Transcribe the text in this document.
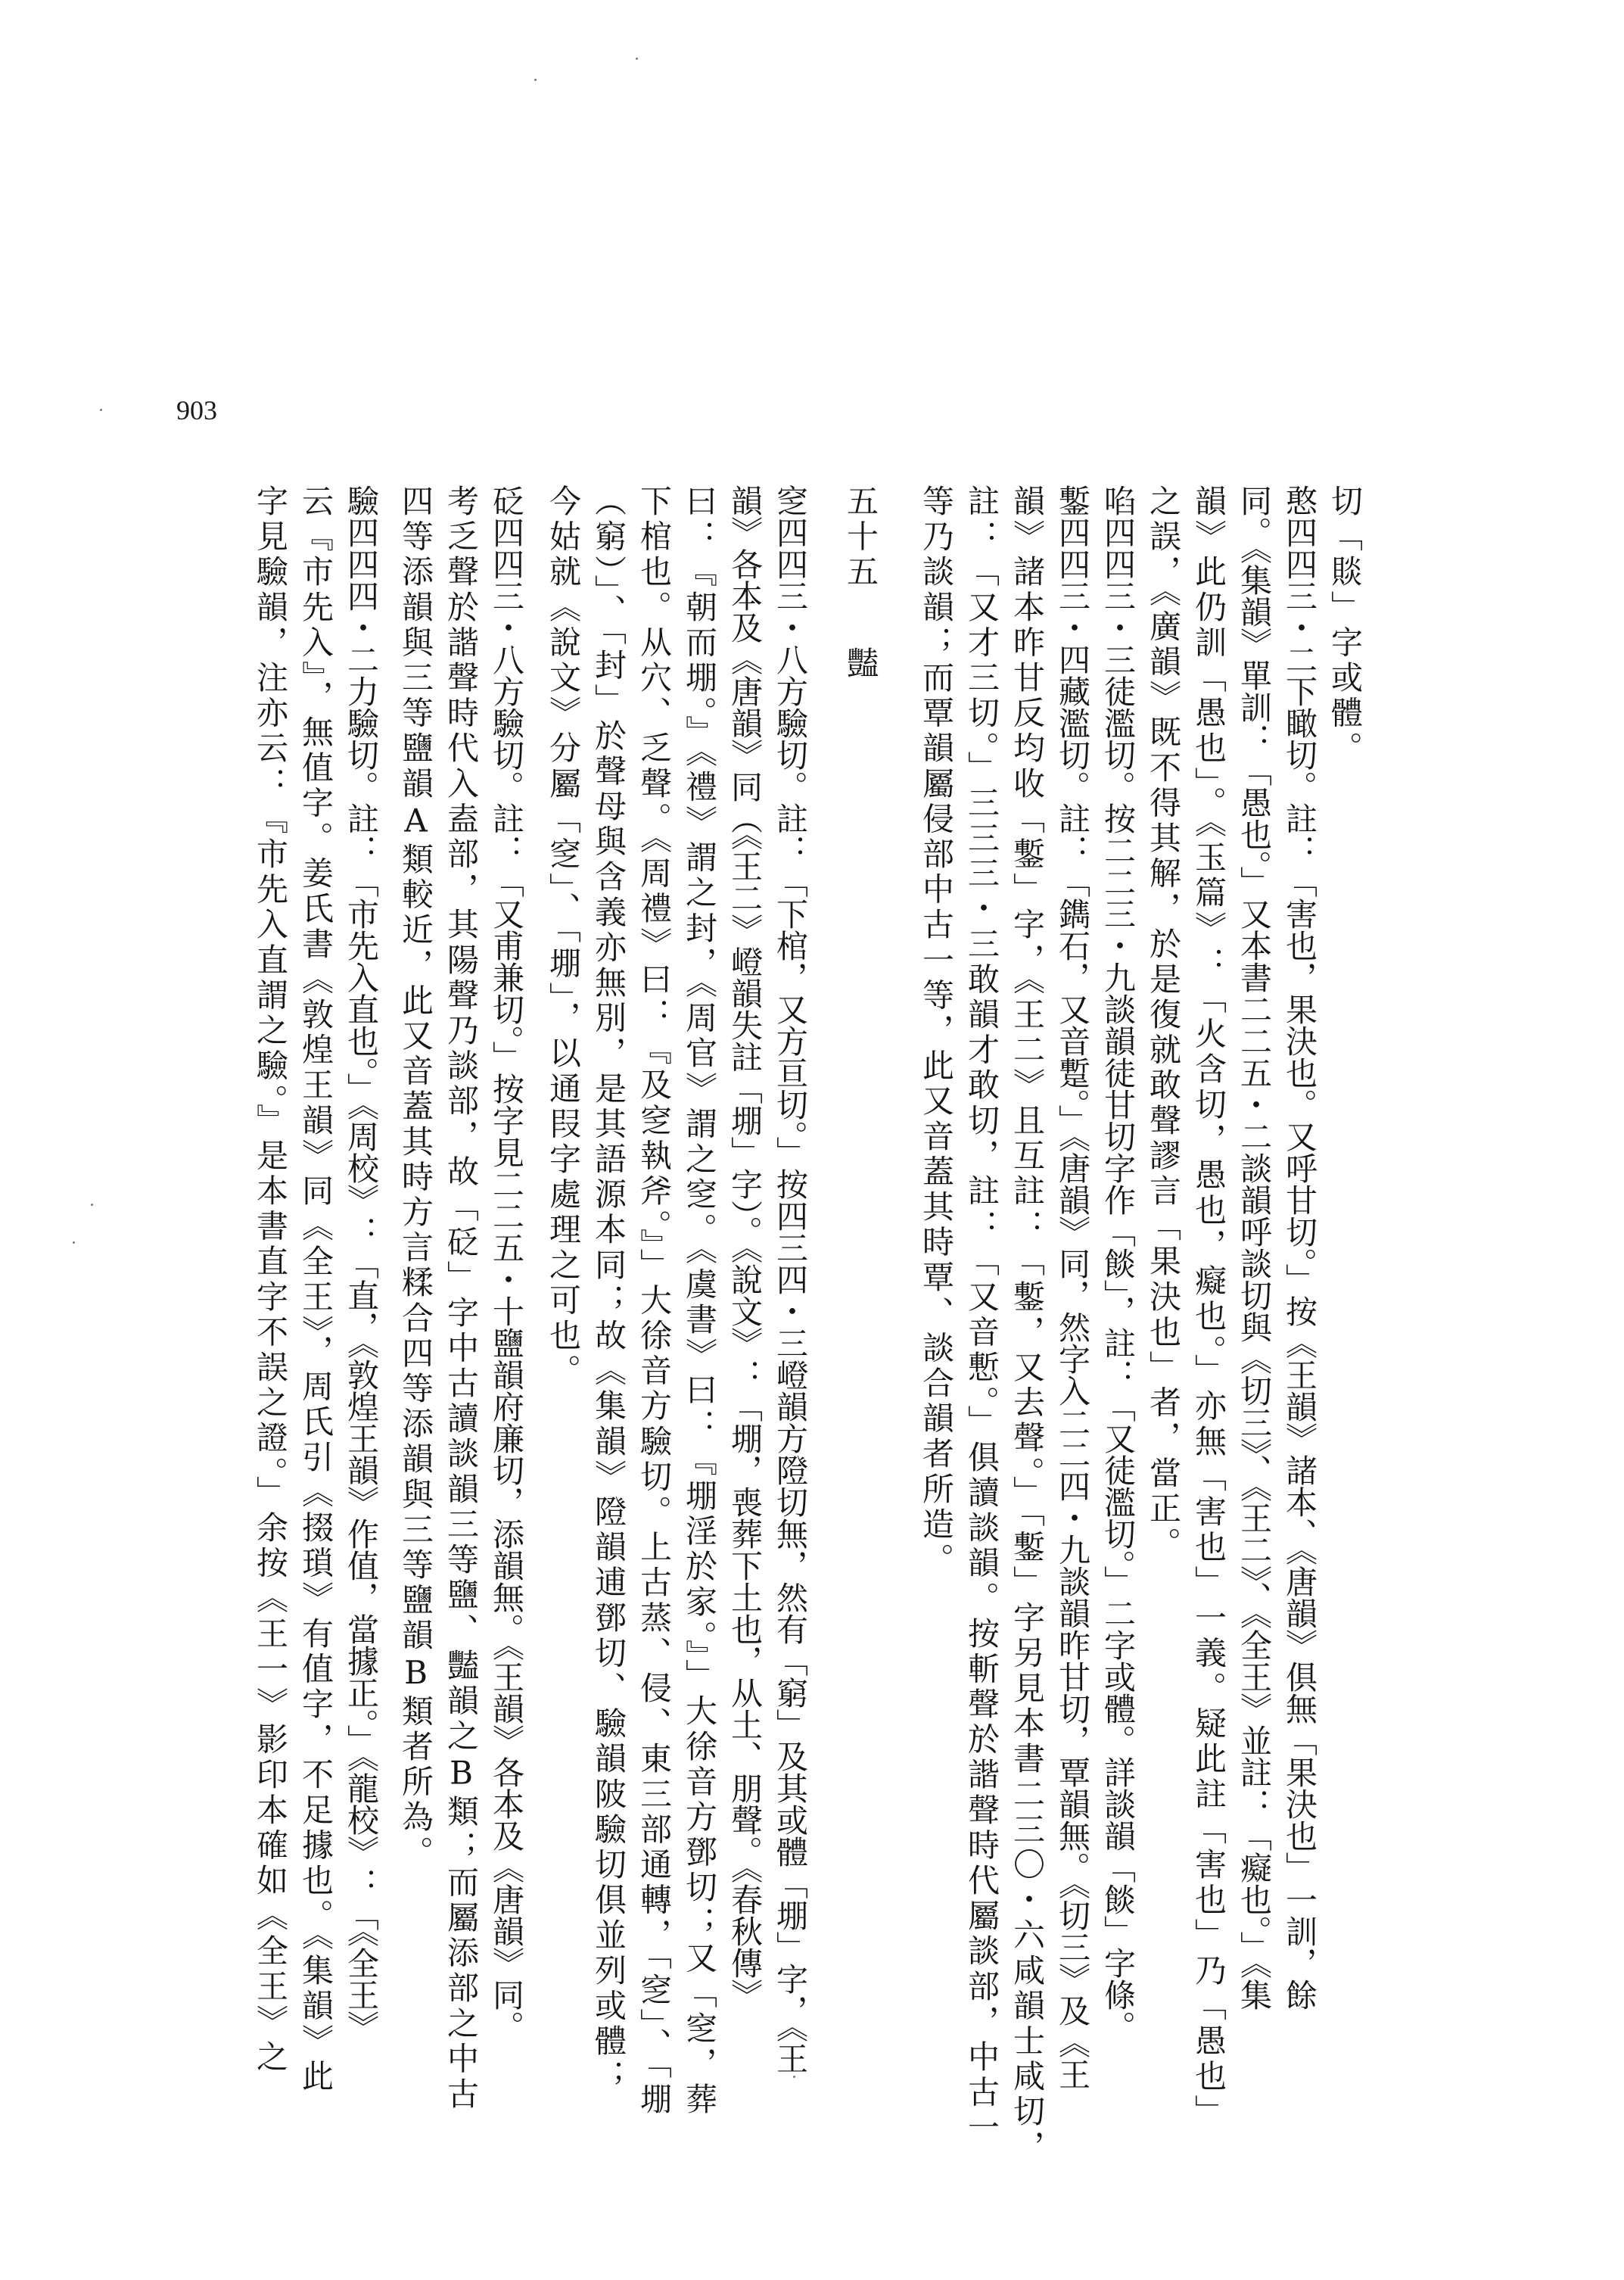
903
切「賧」字或體。
憨四四三・二下瞰切。註：「害也，果決也。又呼甘切。」按《王韻》諸本、《唐韻》俱無「果決也」一訓，餘
同。《集韻》單訓：「愚也。」又本書二二五・二談韻呼談切與《切三》、《王二》、《全王》並註：「癡也。」《集
韻》此仍訓「愚也」。《玉篇》：「火含切，愚也，癡也。」亦無「害也」一義。疑此註「害也」乃「愚也」
之誤，《廣韻》既不得其解，於是復就敢聲謬言「果決也」者，當正。
啗四四三・三徒濫切。按二二三・九談韻徒甘切字作「餤」，註：「又徒濫切。」二字或體。詳談韻「餤」字條。
鏨四四三・四藏濫切。註：「鐫石，又音蹔。」《唐韻》同，然字入二二四・九談韻昨甘切，覃韻無。《切三》及《王
韻》諸本昨甘反均收「鏨」字，《王二》且互註：「鏨，又去聲。」「鏨」字另見本書二三〇・六咸韻士咸切，
註：「又才三切。」三三三・三敢韻才敢切，註：「又音慙。」俱讀談韻。按斬聲於諧聲時代屬談部，中古一
等乃談韻；而覃韻屬侵部中古一等，此又音蓋其時覃、談合韻者所造。
五十五豔
窆四四三・八方驗切。註：「下棺，又方亘切。」按四三四・三嶝韻方隥切無，然有「窮」及其或體「堋」字，《王
韻》各本及《唐韻》同（《王二》嶝韻失註「堋」字）。《說文》：「堋，喪葬下土也，从土、朋聲。《春秋傳》
曰：『朝而堋。』《禮》謂之封，《周官》謂之窆。《虞書》曰：『堋淫於家。』」大徐音方鄧切；又「窆，葬
下棺也。从穴、乏聲。《周禮》曰：『及窆執斧。』」大徐音方驗切。上古蒸、侵、東三部通轉，「窆」、「堋
（窮）」、「封」於聲母與含義亦無別，是其語源本同；故《集韻》隥韻逋鄧切、驗韻陂驗切俱並列或體；
今姑就《說文》分屬「窆」、「堋」，以通叚字處理之可也。
砭四四三・八方驗切。註：「又甫兼切。」按字見二二五・十鹽韻府廉切，添韻無。《王韻》各本及《唐韻》同。
考乏聲於諧聲時代入盍部，其陽聲乃談部，故「砭」字中古讀談韻三等鹽、豔韻之B類；而屬添部之中古
四等添韻與三等鹽韻A類較近，此又音蓋其時方言糅合四等添韻與三等鹽韻B類者所為。
驗四四四・二力驗切。註：「市先入直也。」《周校》：「直，《敦煌王韻》作值，當據正。」《龍校》：「《全王》
云『市先入』，無值字。姜氏書《敦煌王韻》同《全王》，周氏引《掇瑣》有值字，不足據也。《集韻》此
字見驗韻，注亦云：『市先入直謂之驗。』是本書直字不誤之證。」余按《王一》影印本確如《全王》之
